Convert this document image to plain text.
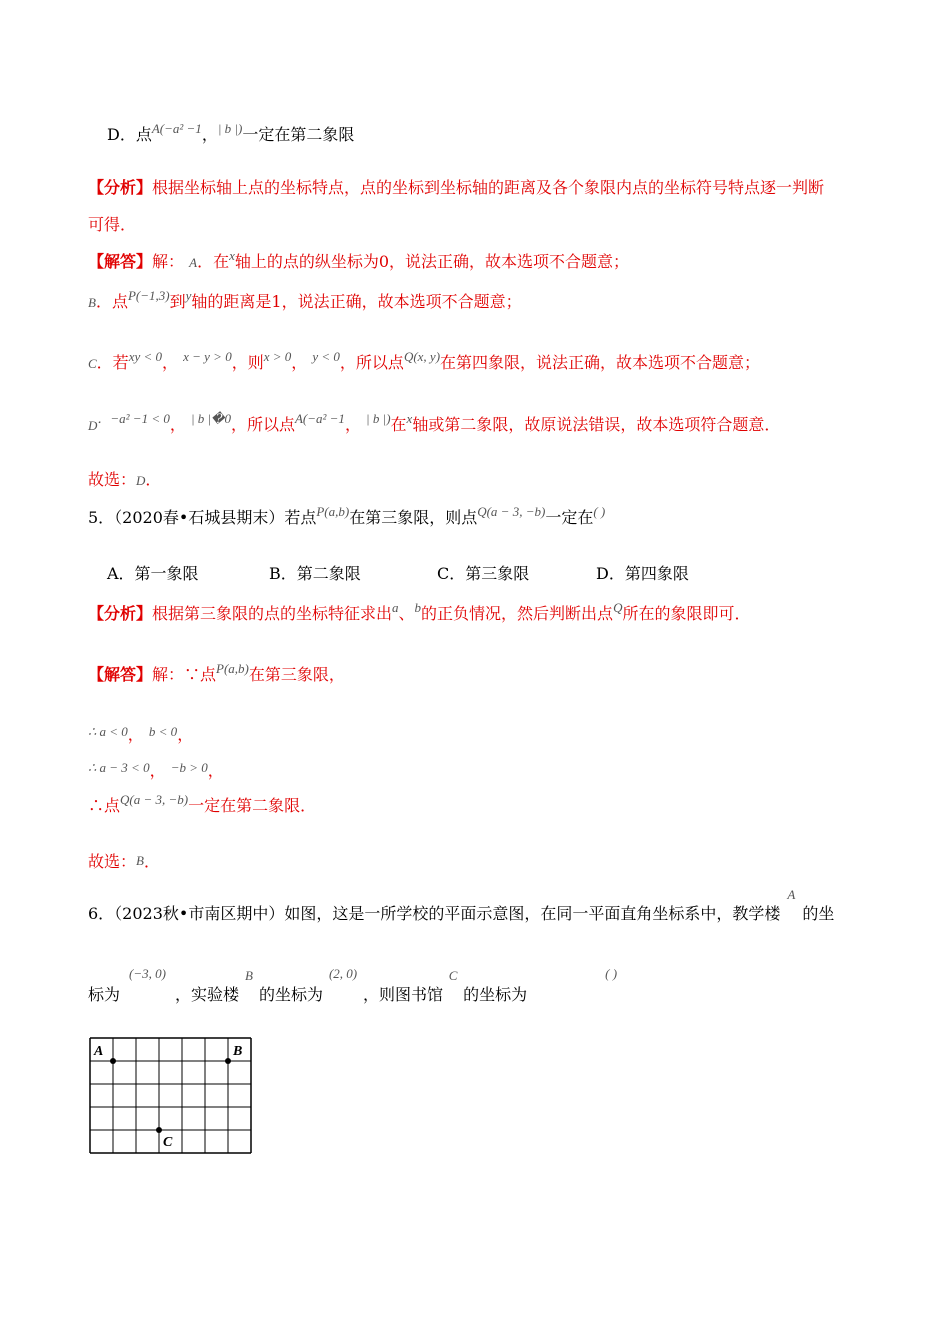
D．点$^{A(-a^2 -1}$，$^{| b |)}$一定在第二象限
【分析】根据坐标轴上点的坐标特点，点的坐标到坐标轴的距离及各个象限内点的坐标符号特点逐一判断
可得．
【解答】解： A．在$^x$轴上的点的纵坐标为0，说法正确，故本选项不合题意；
B．点$^{P(-1,3)}$到$^y$轴的距离是1，说法正确，故本选项不合题意；
C．若$^{xy < 0}$， $^{x - y > 0}$，则$^{x > 0}$， $^{y < 0}$，所以点$^{Q(x, y)}$在第四象限，说法正确，故本选项不合题意；
$D^{.-a^2 -1 < 0}$， $^{| b |�0}$，所以点$^{A(-a^2 -1}$， $^{| b |)}$在$^x$轴或第二象限，故原说法错误，故本选项符合题意．
故选：D．
5．（2020春•石城县期末）若点$^{P(a,b)}$在第三象限，则点$^{Q(a - 3, -b)}$一定在( )
A．第一象限	B．第二象限	C．第三象限	D．第四象限
【分析】根据第三象限的点的坐标特征求出$^a$、$^b$的正负情况，然后判断出点$^Q$所在的象限即可．
【解答】解：∵点$^{P(a,b)}$在第三象限，
$^{\therefore a < 0}$， $^{b < 0}$，
$^{\therefore a - 3 < 0}$， $^{-b > 0}$，
∴点$^{Q(a - 3, -b)}$一定在第二象限．
故选：B．
6．（2023秋•市南区期中）如图，这是一所学校的平面示意图，在同一平面直角坐标系中，教学楼A的坐
标为(−3, 0)，实验楼B的坐标为(2, 0)，则图书馆C的坐标为( )
A	B
C
